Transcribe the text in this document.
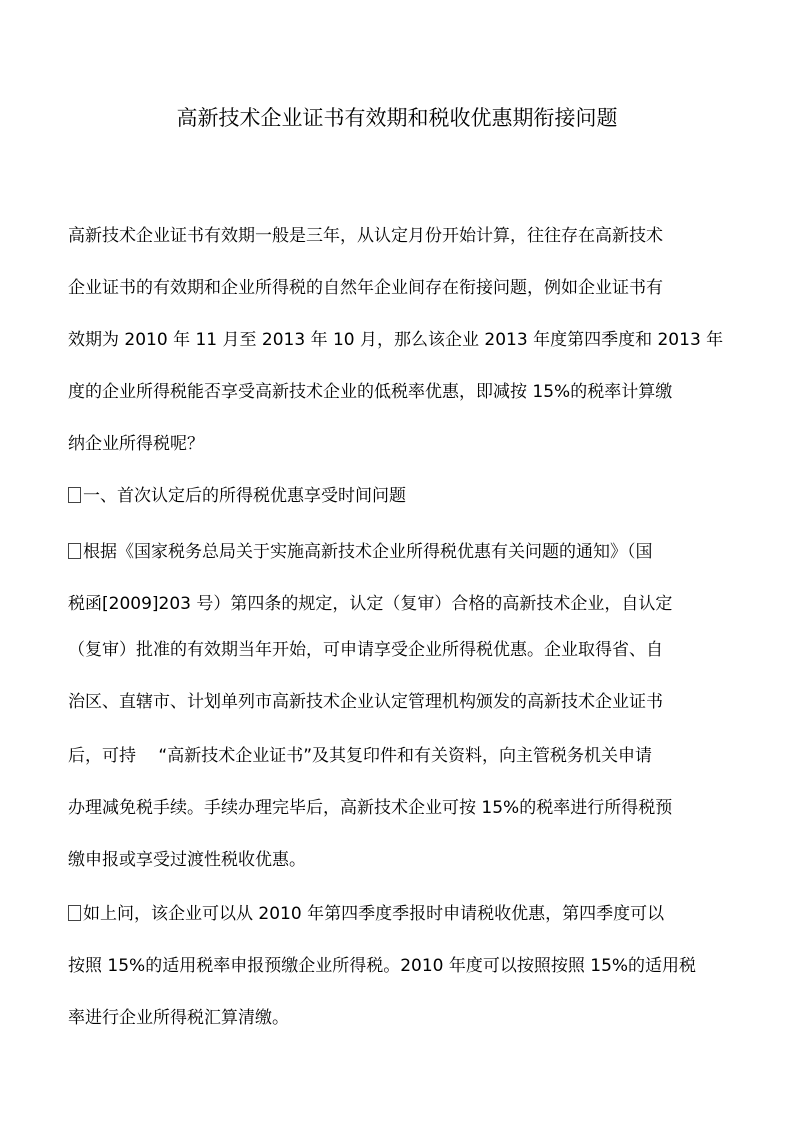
高新技术企业证书有效期和税收优惠期衔接问题

高新技术企业证书有效期一般是三年，从认定月份开始计算，往往存在高新技术

企业证书的有效期和企业所得税的自然年企业间存在衔接问题，例如企业证书有

效期为 2010 年 11 月至 2013 年 10 月，那么该企业 2013 年度第四季度和 2013 年

度的企业所得税能否享受高新技术企业的低税率优惠，即减按 15%的税率计算缴

纳企业所得税呢？

一、首次认定后的所得税优惠享受时间问题

根据《国家税务总局关于实施高新技术企业所得税优惠有关问题的通知》（国

税函[2009]203 号）第四条的规定，认定（复审）合格的高新技术企业，自认定

（复审）批准的有效期当年开始，可申请享受企业所得税优惠。企业取得省、自

治区、直辖市、计划单列市高新技术企业认定管理机构颁发的高新技术企业证书

后，可持　 “高新技术企业证书”及其复印件和有关资料，向主管税务机关申请

办理减免税手续。手续办理完毕后，高新技术企业可按 15%的税率进行所得税预

缴申报或享受过渡性税收优惠。

如上问，该企业可以从 2010 年第四季度季报时申请税收优惠，第四季度可以

按照 15%的适用税率申报预缴企业所得税。2010 年度可以按照按照 15%的适用税

率进行企业所得税汇算清缴。
